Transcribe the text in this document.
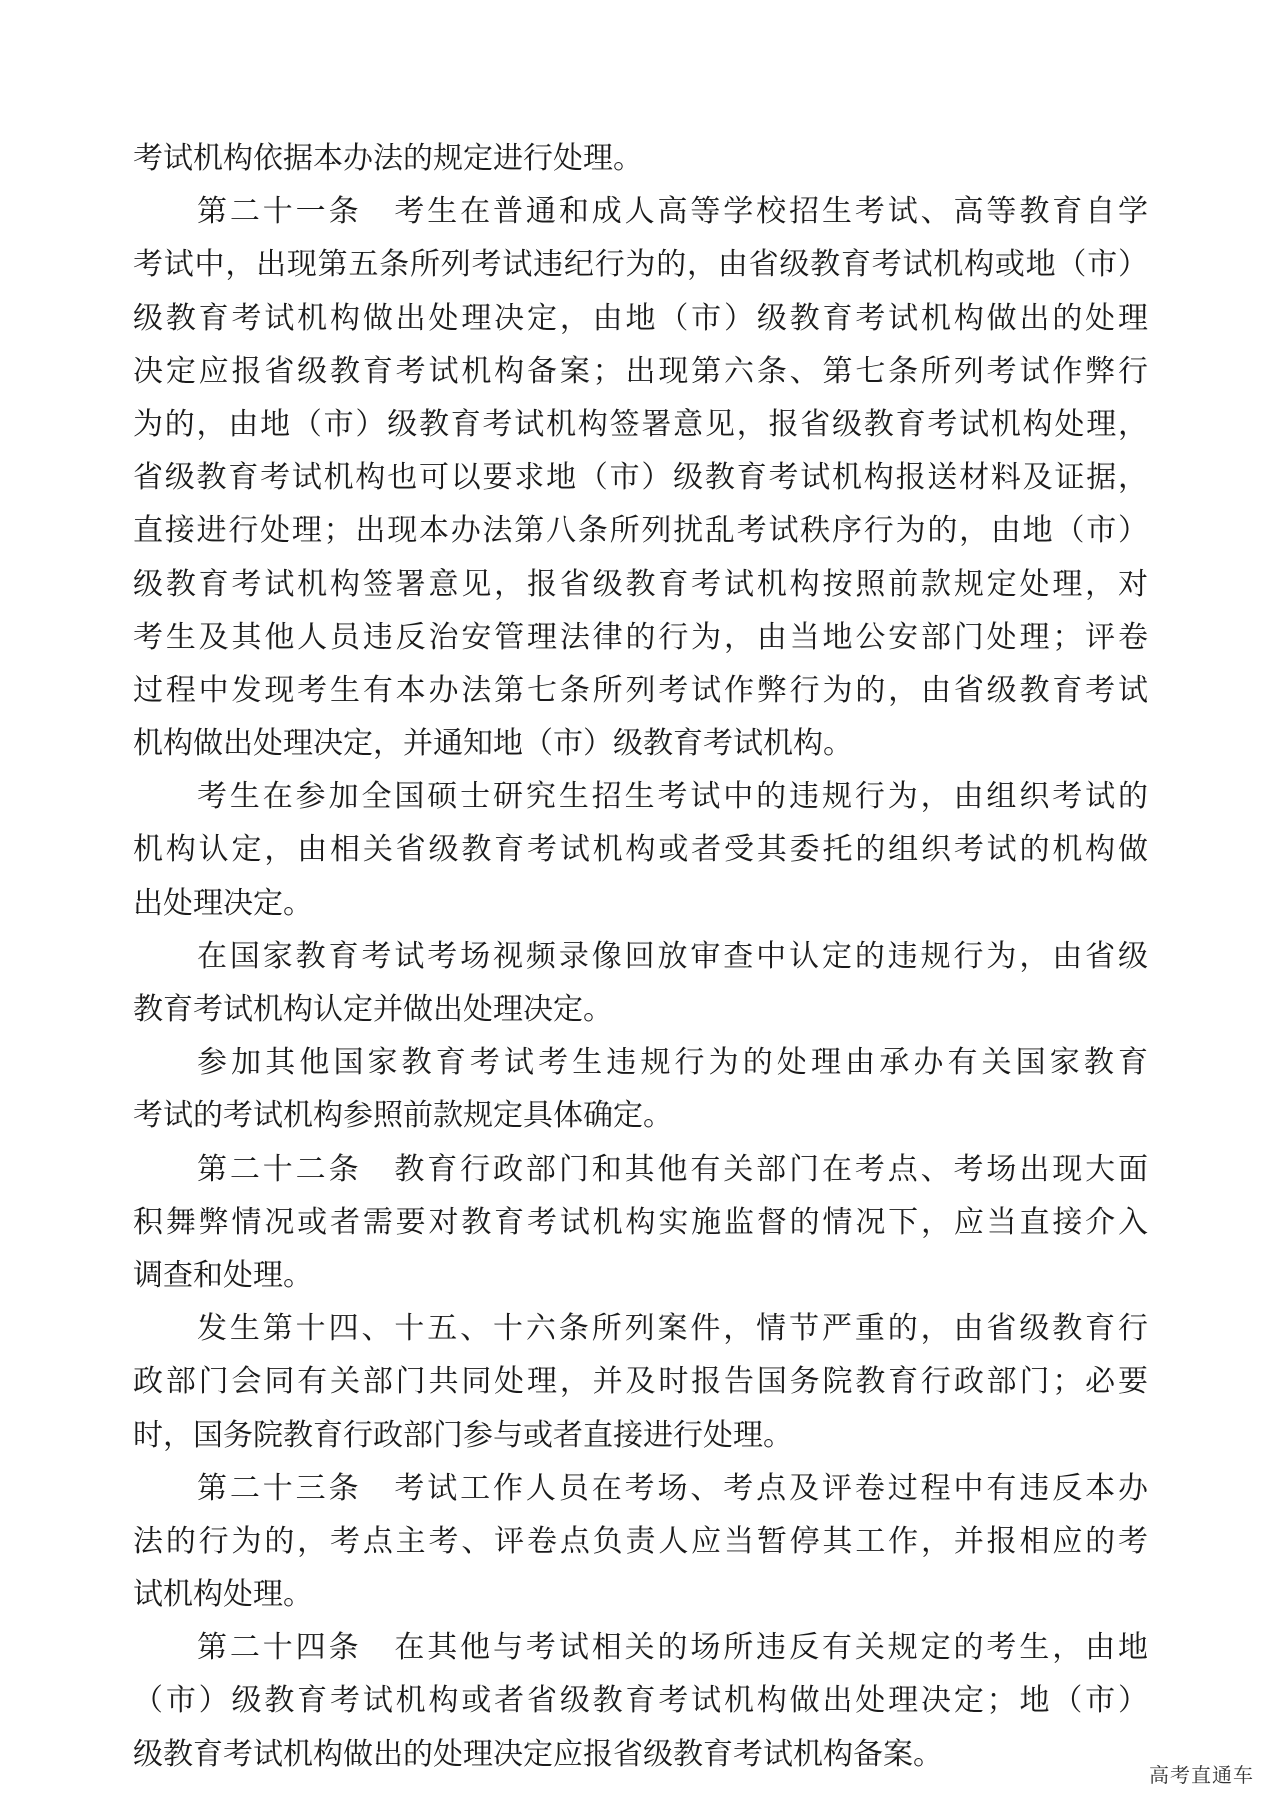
考试机构依据本办法的规定进行处理。
第二十一条　考生在普通和成人高等学校招生考试、高等教育自学
考试中，出现第五条所列考试违纪行为的，由省级教育考试机构或地（市）
级教育考试机构做出处理决定，由地（市）级教育考试机构做出的处理
决定应报省级教育考试机构备案；出现第六条、第七条所列考试作弊行
为的，由地（市）级教育考试机构签署意见，报省级教育考试机构处理，
省级教育考试机构也可以要求地（市）级教育考试机构报送材料及证据，
直接进行处理；出现本办法第八条所列扰乱考试秩序行为的，由地（市）
级教育考试机构签署意见，报省级教育考试机构按照前款规定处理，对
考生及其他人员违反治安管理法律的行为，由当地公安部门处理；评卷
过程中发现考生有本办法第七条所列考试作弊行为的，由省级教育考试
机构做出处理决定，并通知地（市）级教育考试机构。
考生在参加全国硕士研究生招生考试中的违规行为，由组织考试的
机构认定，由相关省级教育考试机构或者受其委托的组织考试的机构做
出处理决定。
在国家教育考试考场视频录像回放审查中认定的违规行为，由省级
教育考试机构认定并做出处理决定。
参加其他国家教育考试考生违规行为的处理由承办有关国家教育
考试的考试机构参照前款规定具体确定。
第二十二条　教育行政部门和其他有关部门在考点、考场出现大面
积舞弊情况或者需要对教育考试机构实施监督的情况下，应当直接介入
调查和处理。
发生第十四、十五、十六条所列案件，情节严重的，由省级教育行
政部门会同有关部门共同处理，并及时报告国务院教育行政部门；必要
时，国务院教育行政部门参与或者直接进行处理。
第二十三条　考试工作人员在考场、考点及评卷过程中有违反本办
法的行为的，考点主考、评卷点负责人应当暂停其工作，并报相应的考
试机构处理。
第二十四条　在其他与考试相关的场所违反有关规定的考生，由地
（市）级教育考试机构或者省级教育考试机构做出处理决定；地（市）
级教育考试机构做出的处理决定应报省级教育考试机构备案。
高考直通车
